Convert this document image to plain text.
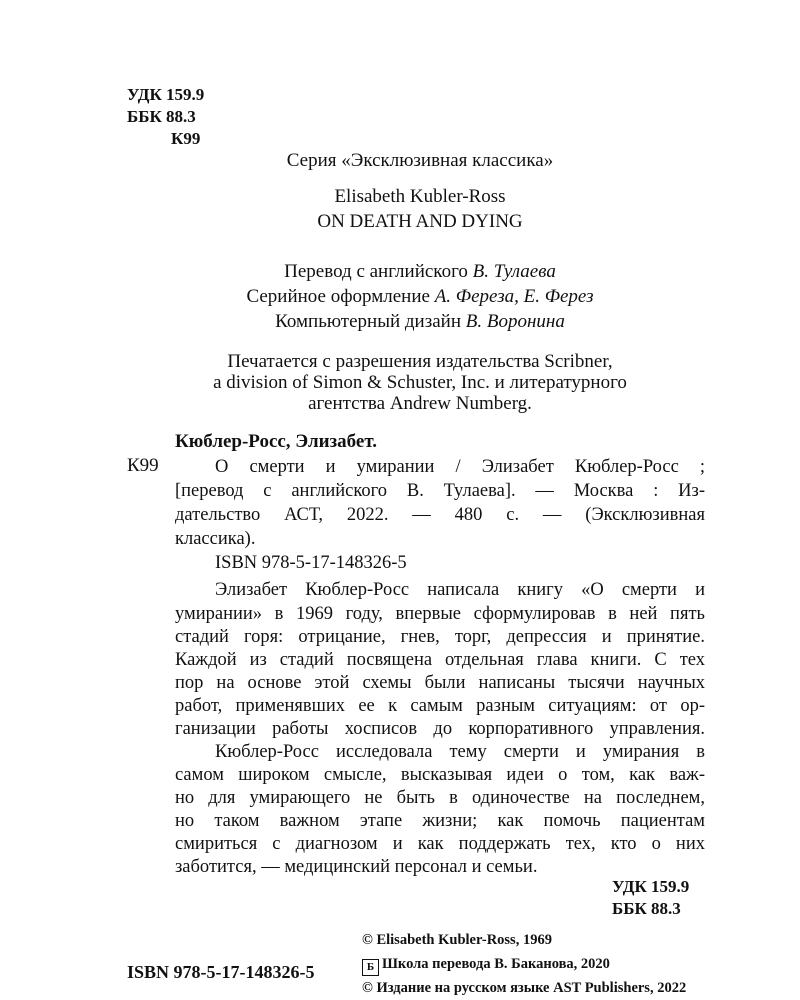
УДК 159.9
ББК 88.3
К99
Серия «Эксклюзивная классика»
Elisabeth Kubler-Ross
ON DEATH AND DYING
Перевод с английского В. Тулаева
Серийное оформление А. Фереза, Е. Ферез
Компьютерный дизайн В. Воронина
Печатается с разрешения издательства Scribner,
a division of Simon & Schuster, Inc. и литературного
агентства Andrew Numberg.
Кюблер-Росс, Элизабет.
К99	О смерти и умирании / Элизабет Кюблер-Росс ;
[перевод с английского В. Тулаева]. — Москва : Из-
дательство АСТ, 2022. — 480 с. — (Эксклюзивная
классика).
ISBN 978-5-17-148326-5
Элизабет Кюблер-Росс написала книгу «О смерти и
умирании» в 1969 году, впервые сформулировав в ней пять
стадий горя: отрицание, гнев, торг, депрессия и принятие.
Каждой из стадий посвящена отдельная глава книги. С тех
пор на основе этой схемы были написаны тысячи научных
работ, применявших ее к самым разным ситуациям: от ор-
ганизации работы хосписов до корпоративного управления.
Кюблер-Росс исследовала тему смерти и умирания в
самом широком смысле, высказывая идеи о том, как важ-
но для умирающего не быть в одиночестве на последнем,
но таком важном этапе жизни; как помочь пациентам
смириться с диагнозом и как поддержать тех, кто о них
заботится, — медицинский персонал и семьи.
УДК 159.9
ББК 88.3
ISBN 978-5-17-148326-5
© Elisabeth Kubler-Ross, 1969
Б Школа перевода В. Баканова, 2020
© Издание на русском языке AST Publishers, 2022
